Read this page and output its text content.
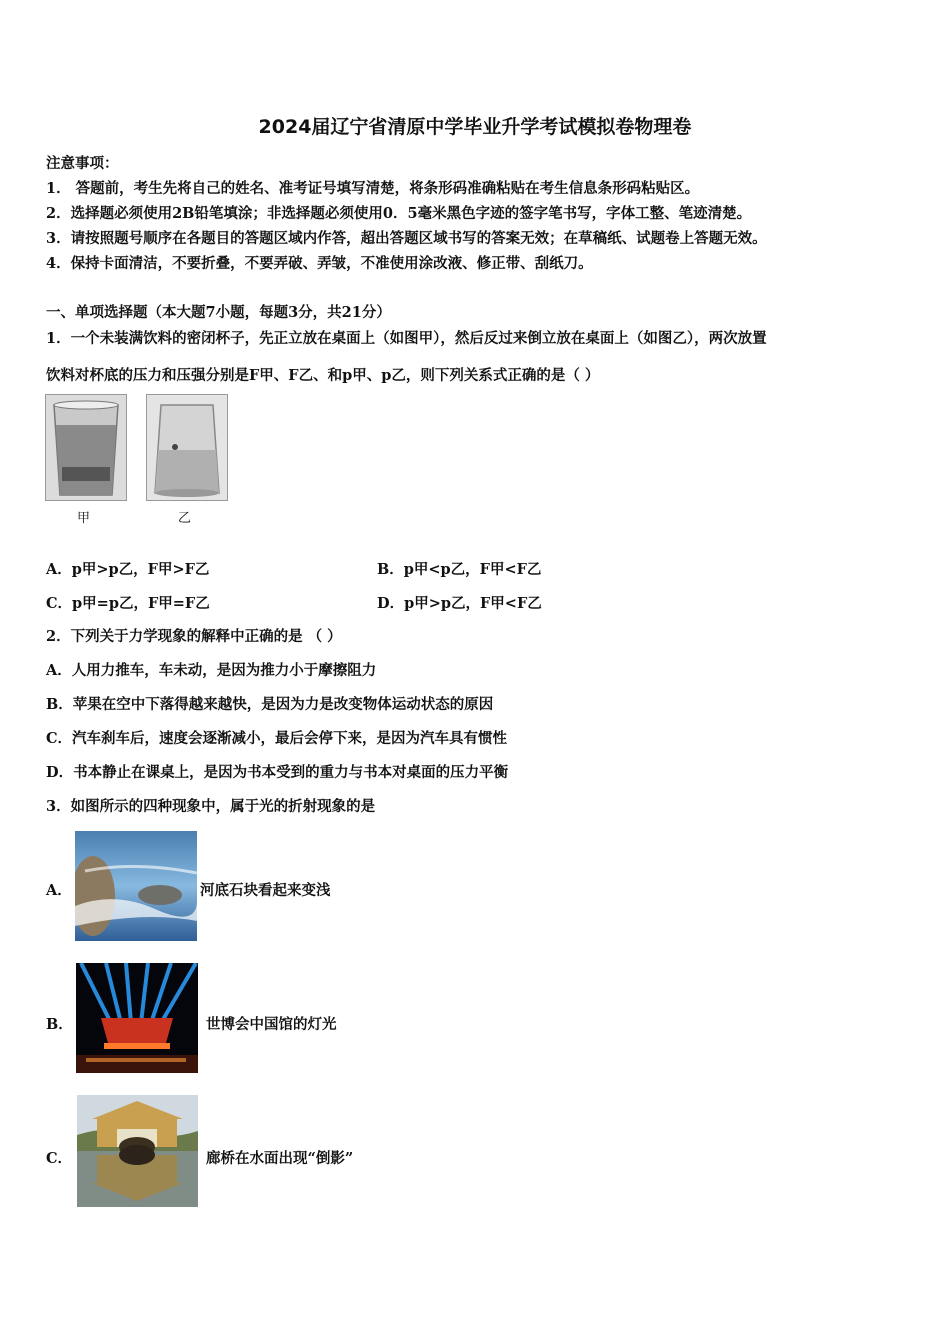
2024届辽宁省清原中学毕业升学考试模拟卷物理卷
注意事项：
1． 答题前，考生先将自己的姓名、准考证号填写清楚，将条形码准确粘贴在考生信息条形码粘贴区。
2．选择题必须使用2B铅笔填涂；非选择题必须使用0．5毫米黑色字迹的签字笔书写，字体工整、笔迹清楚。
3．请按照题号顺序在各题目的答题区域内作答，超出答题区域书写的答案无效；在草稿纸、试题卷上答题无效。
4．保持卡面清洁，不要折叠，不要弄破、弄皱，不准使用涂改液、修正带、刮纸刀。
一、单项选择题（本大题7小题，每题3分，共21分）
1．一个未装满饮料的密闭杯子，先正立放在桌面上（如图甲），然后反过来倒立放在桌面上（如图乙），两次放置
饮料对杯底的压力和压强分别是F甲、F乙、和p甲、p乙，则下列关系式正确的是（ ）
甲	乙
A．p甲>p乙，F甲>F乙	B．p甲<p乙，F甲<F乙
C．p甲=p乙，F甲=F乙	D．p甲>p乙，F甲<F乙
2．下列关于力学现象的解释中正确的是 （ ）
A．人用力推车，车未动，是因为推力小于摩擦阻力
B．苹果在空中下落得越来越快，是因为力是改变物体运动状态的原因
C．汽车刹车后，速度会逐渐减小，最后会停下来，是因为汽车具有惯性
D．书本静止在课桌上，是因为书本受到的重力与书本对桌面的压力平衡
3．如图所示的四种现象中，属于光的折射现象的是
A．	河底石块看起来变浅
B．	世博会中国馆的灯光
C．	廊桥在水面出现“倒影”
